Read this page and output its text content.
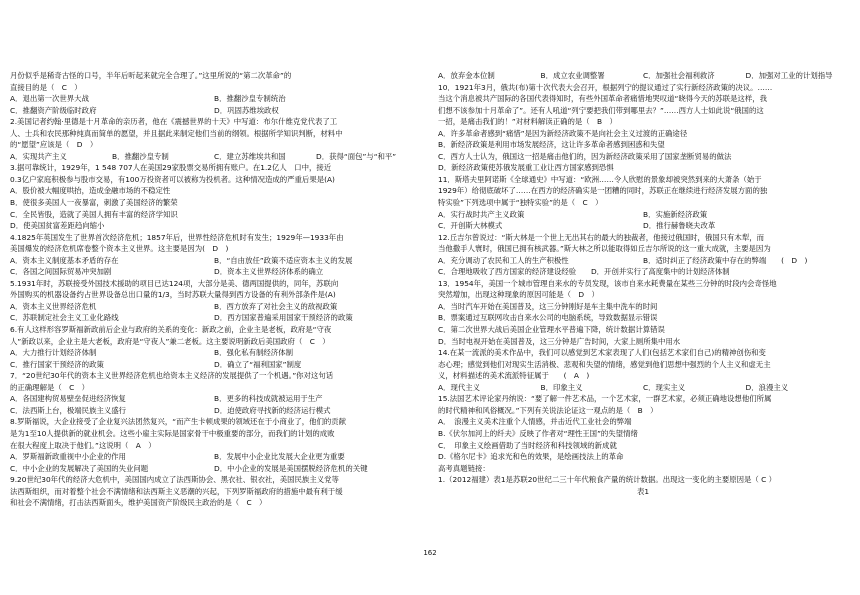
月份似乎是稀奇古怪的口号，半年后听起来就完全合理了。”这里所说的“第二次革命”的
直接目的是（　C　）
A．退出第一次世界大战	B．推翻沙皇专制统治
C．推翻资产阶级临时政府	D．巩固苏维埃政权
2.美国记者约翰·里德是十月革命的亲历者，他在《震撼世界的十天》中写道：布尔什维克党代表了工
人、士兵和农民那种纯真而简单的愿望，并且据此来制定他们当前的纲领。根据所学知识判断，材料中
的“愿望”应该是（　D　）
A．实现共产主义	B．推翻沙皇专制	C．建立苏维埃共和国	D．获得“面包”与“和平”
3.据可靠统计，1929年，1 548 707人在美国29家股票交易所拥有账户。在1.2亿人　口中，接近
0.3亿户家庭积极参与股市交易，有100万投资者可以被称为投机者。这种情况造成的严重后果是(A)
A．股价被大幅度哄抬，造成金融市场的不稳定性
B．使很多美国人一夜暴富，刺激了美国经济的繁荣
C．全民皆股，造就了美国人拥有丰富的经济学知识
D．使美国贫富差距趋向缩小
4.1825年英国发生了世界首次经济危机；1857年后，世界性经济危机时有发生；1929年—1933年由
美国爆发的经济危机席卷整个资本主义世界。这主要是因为(　D　)
A．资本主义制度基本矛盾的存在	B．“自由放任”政策不适应资本主义的发展
C．各国之间国际贸易冲突加剧	D．资本主义世界经济体系的确立
5.1931年时，苏联接受外国技术援助的项目已达124项，大部分是美、德两国提供的，同年，苏联向
外国购买的机器设备约占世界设备总出口量的1/3，当时苏联大量得到西方设备的有利外部条件是(A)
A．资本主义世界经济危机	B．西方放弃了对社会主义的敌视政策
C．苏联制定社会主义工业化路线	D．西方国家普遍采用国家干预经济的政策
6.有人这样形容罗斯福新政前后企业与政府的关系的变化：新政之前，企业主是老板，政府是“守夜
人”新政以来，企业主是大老板，政府是“守夜人”兼二老板。这主要说明新政后美国政府（　C　）
A．大力推行计划经济体制	B．强化私有制经济体制
C．推行国家干预经济的政策	D．确立了“福利国家”制度
7．“20世纪30年代的资本主义世界经济危机也给资本主义经济的发展提供了一个机遇。”你对这句话
的正确理解是（　C　）
A．各国建构贸易壁垒促进经济恢复	B．更多的科技成就被运用于生产
C．法西斯上台，极端民族主义盛行	D．迫使政府寻找新的经济运行模式
8.罗斯福说，大企业接受了企业复兴法团然复兴，“而产生卡顿成果的领域还在于小商业了，他们的贡献
是为1至10人提供新的就业机会。这些小雇主实际是国家骨干中极重要的部分，而我们的计划的成败
在很大程度上取决于他们。”这说明（　A　）
A．罗斯福新政重视中小企业的作用	B．发展中小企业比发展大企业更为重要
C．中小企业的发展解决了美国的失业问题	D．中小企业的发展是美国摆脱经济危机的关键
9.20世纪30年代的经济大危机中，美国国内成立了法西斯协会、黑衣社、银衣社，美国民族主义党等
法西斯组织，而对着整个社会不满情绪和法西斯主义恶潮的兴起，下列罗斯福政府的措施中最有利于缓
和社会不满情绪，打击法西斯面头，维护美国资产阶级民主政治的是（　C　）
A．放弃金本位制	B．成立农业调整署	C．加强社会福利救济	D．加强对工业的计划指导
10．1921年3月，俄共(布)第十次代表大会召开，根据列宁的提议通过了实行新经济政策的决议。……
当这个消息被共产国际的各国代表得知时，有些外国革命者痛惜地哭叹道“晓得今天的苏联是这样，我
们想不该参加十月革命了”。还有人吼道“列宁要把我们带到哪里去？”……西方人士如此说“俄国的这
一招，是痛击我们的！”对材料解读正确的是（　B　）
A．许多革命者感到“痛惜”是因为新经济政策不是向社会主义过渡的正确途径
B．新经济政策是利用市场发展经济，这让许多革命者感到困惑和失望
C．西方人士认为，俄国这一招是痛击他们的，因为新经济政策采用了国家垄断贸易的做法
D．新经济政策使苏俄发展重工业让西方国家感到恐惧
11．斯塔夫里阿诺斯《全球通史》中写道：“欧洲……令人欣慰的景象却被突然到来的大萧条（始于
1929年）给彻底破坏了……在西方的经济确实是一团糟的同时，苏联正在继续进行经济发展方面的独
特实验”下列选项中属于“独特实验”的是（　C　）
A．实行战时共产主义政策	B．实施新经济政策
C．开创斯大林模式	D．推行赫鲁晓夫改革
12.丘吉尔曾说过：“斯大林是一个世上无出其右的最大的独裁者，他接过俄国时，俄国只有木犁，而
当他撒手人寰时，俄国已拥有核武器。”斯大林之所以能取得如丘吉尔所说的这一重大成就，主要是因为
A．充分调动了农民和工人的生产积极性	B．适时纠正了经济政策中存在的弊端　　(　D　)
C．合理地吸收了西方国家的经济建设经验　　D．开创并实行了高度集中的计划经济体制
13．1954年，美国一个城市管理自来水的专员发现，该市自来水耗费量在某些三分钟的时段内会奇怪地
突然增加，出现这种现象的原因可能是（　D　）
A．当时汽车开始在美国普及，这三分钟刚好是车主集中洗车的时间
B．票案通过互联网攻击自来水公司的电脑系统，导致数据显示错误
C．第二次世界大战后美国企业管理水平普遍下降，统计数据计算错误
D．当时电视开始在美国普及，这三分钟是广告时间，大家上厕所集中用水
14.在某一流派的美术作品中，我们可以感觉到艺术家表现了人们(包括艺术家们自己)的精神创伤和变
态心理；感觉到他们对现实生活消极、悲观和失望的情绪，感觉到他们思想中强烈的个人主义和虚无主
义，材料描述的美术流派特征属于　　(　A　)
A．现代主义	B．印象主义	C．现实主义	D．浪漫主义
15.法国艺术评论家丹纳说：“要了解一件艺术品，一个艺术家，一群艺术家，必须正确地设想他们所属
的时代精神和风俗概况。”下列有关说法论证这一观点的是（　B　）
A．　浪漫主义美术注重个人情感，并击近代工业社会的弊端
B.《伏尔加河上的纤夫》反映了作者对“理性王国”的失望情绪
C．　印象主义绘画借助了当时经济和科技领域的新成就
D.《格尔尼卡》追求光和色的效果，是绘画技法上的革命
高考真题链接：
1.（2012福建）表1是苏联20世纪二三十年代粮食产量的统计数据。出现这一变化的主要原因是（ C ）
表1
162
